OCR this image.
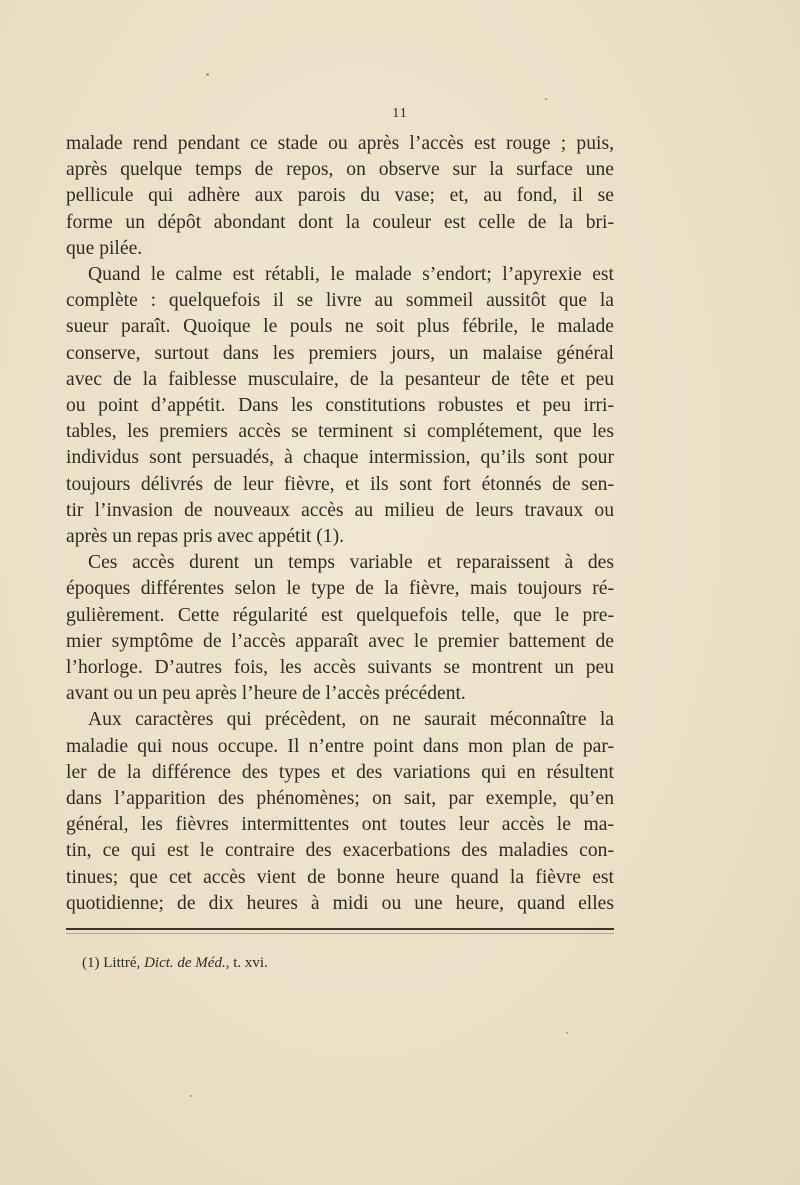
11
malade rend pendant ce stade ou après l’accès est rouge ; puis,
après quelque temps de repos, on observe sur la surface une
pellicule qui adhère aux parois du vase; et, au fond, il se
forme un dépôt abondant dont la couleur est celle de la bri-
que pilée.
Quand le calme est rétabli, le malade s’endort; l’apyrexie est
complète : quelquefois il se livre au sommeil aussitôt que la
sueur paraît. Quoique le pouls ne soit plus fébrile, le malade
conserve, surtout dans les premiers jours, un malaise général
avec de la faiblesse musculaire, de la pesanteur de tête et peu
ou point d’appétit. Dans les constitutions robustes et peu irri-
tables, les premiers accès se terminent si complétement, que les
individus sont persuadés, à chaque intermission, qu’ils sont pour
toujours délivrés de leur fièvre, et ils sont fort étonnés de sen-
tir l’invasion de nouveaux accès au milieu de leurs travaux ou
après un repas pris avec appétit (1).
Ces accès durent un temps variable et reparaissent à des
époques différentes selon le type de la fièvre, mais toujours ré-
gulièrement. Cette régularité est quelquefois telle, que le pre-
mier symptôme de l’accès apparaît avec le premier battement de
l’horloge. D’autres fois, les accès suivants se montrent un peu
avant ou un peu après l’heure de l’accès précédent.
Aux caractères qui précèdent, on ne saurait méconnaître la
maladie qui nous occupe. Il n’entre point dans mon plan de par-
ler de la différence des types et des variations qui en résultent
dans l’apparition des phénomènes; on sait, par exemple, qu’en
général, les fièvres intermittentes ont toutes leur accès le ma-
tin, ce qui est le contraire des exacerbations des maladies con-
tinues; que cet accès vient de bonne heure quand la fièvre est
quotidienne; de dix heures à midi ou une heure, quand elles
(1) Littré, Dict. de Méd., t. xvi.
